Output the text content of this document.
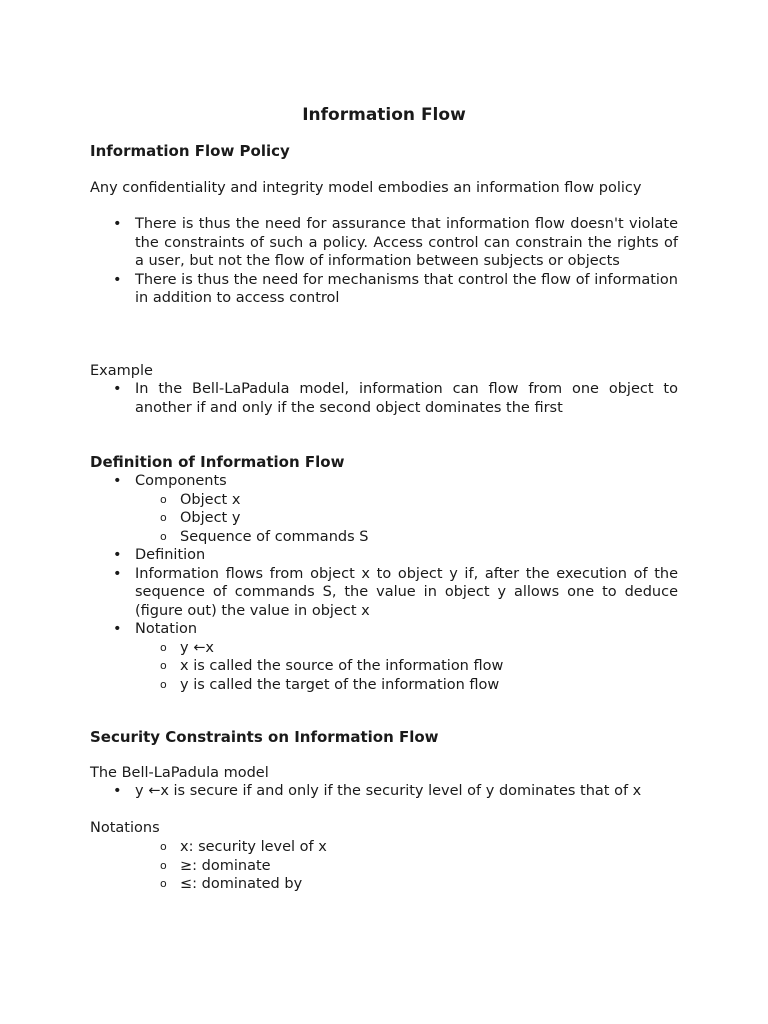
Information Flow
Information Flow Policy
Any confidentiality and integrity model embodies an information flow policy
• There is thus the need for assurance that information flow doesn't violate the constraints of such a policy. Access control can constrain the rights of a user, but not the flow of information between subjects or objects
• There is thus the need for mechanisms that control the flow of information in addition to access control
Example
• In the Bell-LaPadula model, information can flow from one object to another if and only if the second object dominates the first
Definition of Information Flow
• Components
o Object x
o Object y
o Sequence of commands S
• Definition
• Information flows from object x to object y if, after the execution of the sequence of commands S, the value in object y allows one to deduce (figure out) the value in object x
• Notation
o y ←x
o x is called the source of the information flow
o y is called the target of the information flow
Security Constraints on Information Flow
The Bell-LaPadula model
• y ←x is secure if and only if the security level of y dominates that of x
Notations
o x: security level of x
o ≥: dominate
o ≤: dominated by
